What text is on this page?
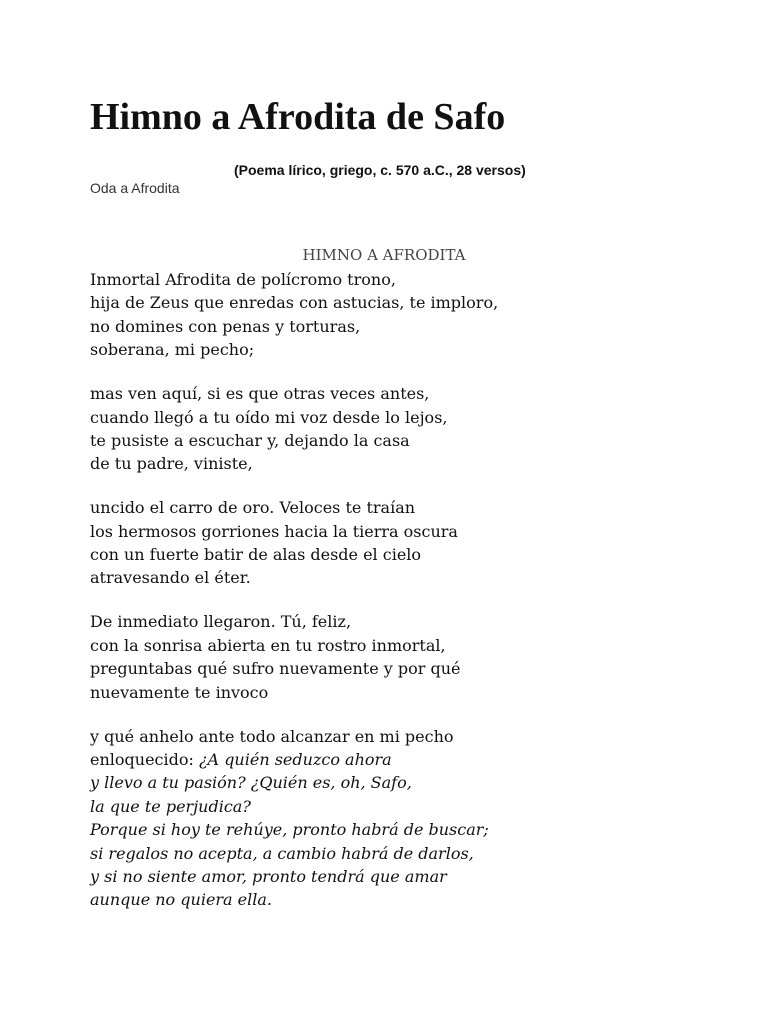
Himno a Afrodita de Safo
(Poema lírico, griego, c. 570 a.C., 28 versos)
Oda a Afrodita
HIMNO A AFRODITA
Inmortal Afrodita de polícromo trono,
hija de Zeus que enredas con astucias, te imploro,
no domines con penas y torturas,
soberana, mi pecho;
mas ven aquí, si es que otras veces antes,
cuando llegó a tu oído mi voz desde lo lejos,
te pusiste a escuchar y, dejando la casa
de tu padre, viniste,
uncido el carro de oro. Veloces te traían
los hermosos gorriones hacia la tierra oscura
con un fuerte batir de alas desde el cielo
atravesando el éter.
De inmediato llegaron. Tú, feliz,
con la sonrisa abierta en tu rostro inmortal,
preguntabas qué sufro nuevamente y por qué
nuevamente te invoco
y qué anhelo ante todo alcanzar en mi pecho
enloquecido: ¿A quién seduzco ahora
y llevo a tu pasión? ¿Quién es, oh, Safo,
la que te perjudica?
Porque si hoy te rehúye, pronto habrá de buscar;
si regalos no acepta, a cambio habrá de darlos,
y si no siente amor, pronto tendrá que amar
aunque no quiera ella.
